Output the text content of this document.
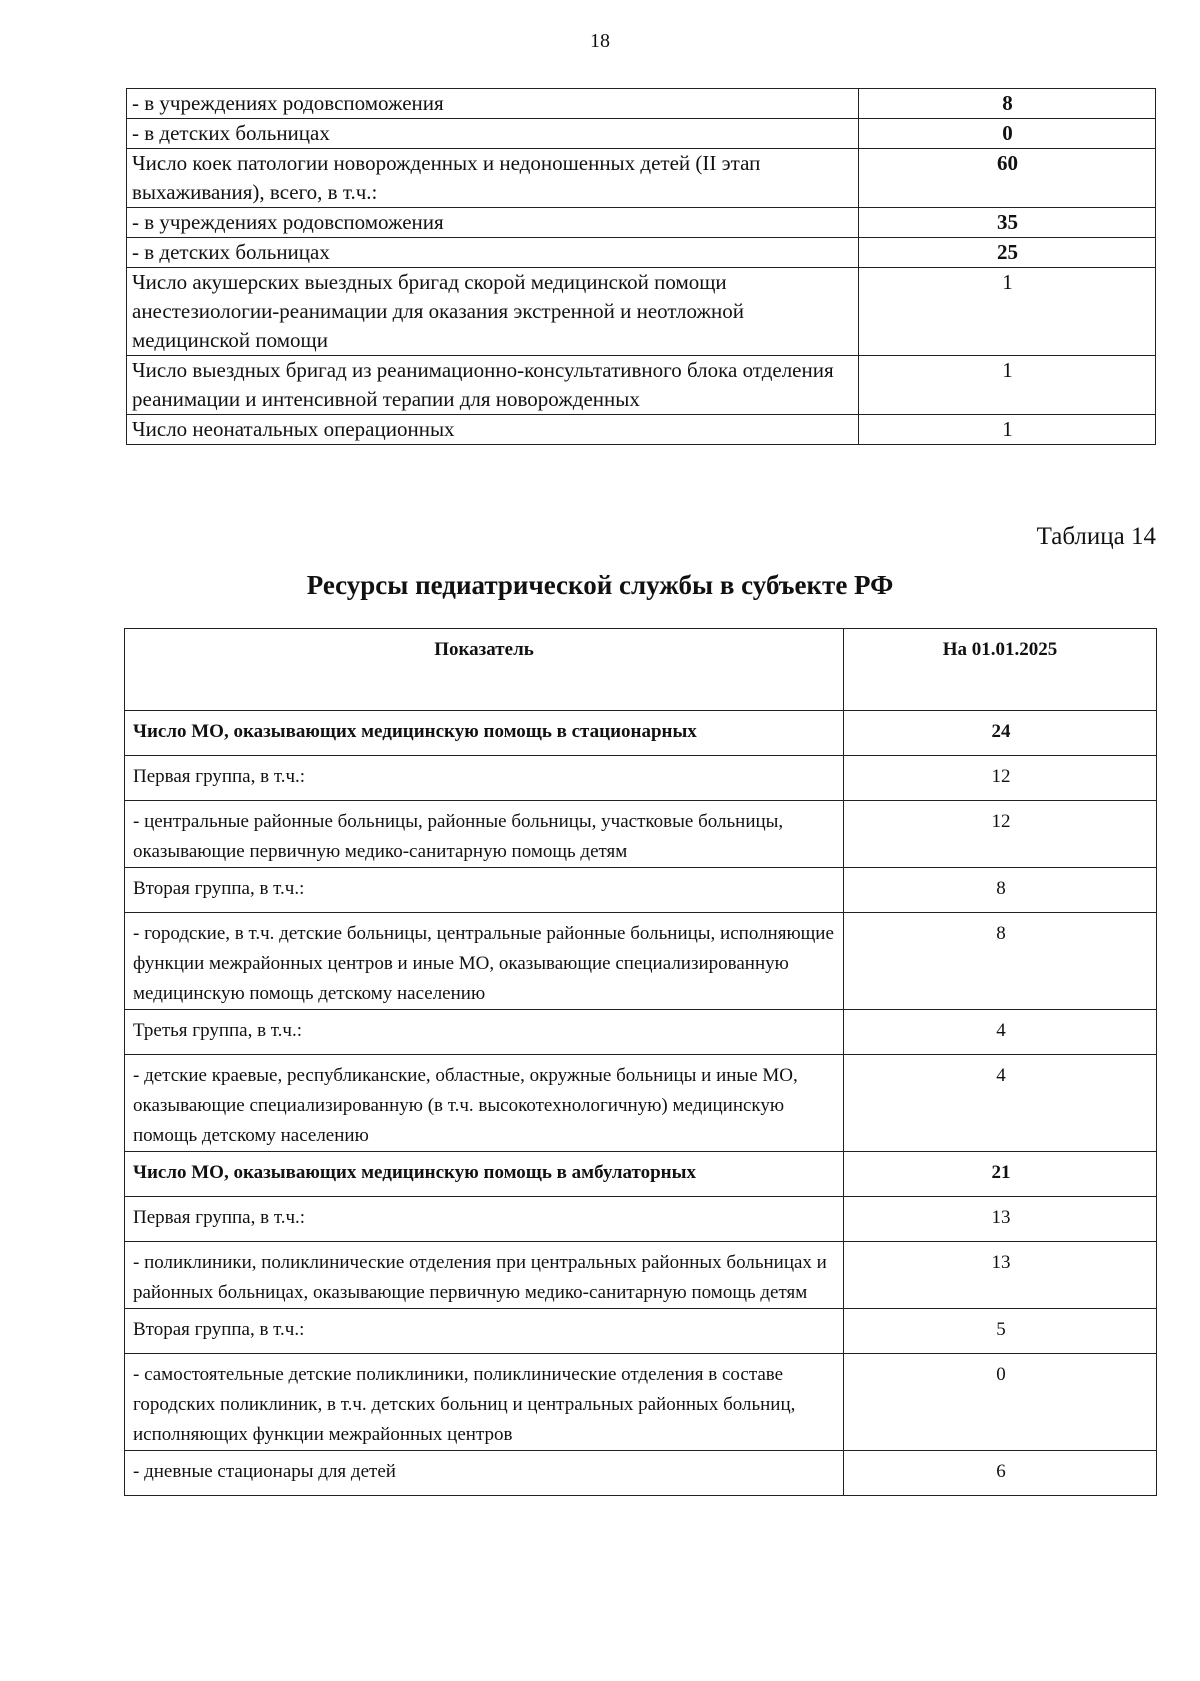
18
- в учреждениях родовспоможения	8
- в детских больницах	0
Число коек патологии новорожденных и недоношенных детей (II этап выхаживания), всего, в т.ч.:	60
- в учреждениях родовспоможения	35
- в детских больницах	25
Число акушерских выездных бригад скорой медицинской помощи анестезиологии-реанимации для оказания экстренной и неотложной медицинской помощи	1
Число выездных бригад из реанимационно-консультативного блока отделения реанимации и интенсивной терапии для новорожденных	1
Число неонатальных операционных	1
Таблица 14
Ресурсы педиатрической службы в субъекте РФ
Показатель	На 01.01.2025
Число МО, оказывающих медицинскую помощь в стационарных	24
Первая группа, в т.ч.:	12
- центральные районные больницы, районные больницы, участковые больницы, оказывающие первичную медико-санитарную помощь детям	12
Вторая группа, в т.ч.:	8
- городские, в т.ч. детские больницы, центральные районные больницы, исполняющие функции межрайонных центров и иные МО, оказывающие специализированную медицинскую помощь детскому населению	8
Третья группа, в т.ч.:	4
- детские краевые, республиканские, областные, окружные больницы и иные МО, оказывающие специализированную (в т.ч. высокотехнологичную) медицинскую помощь детскому населению	4
Число МО, оказывающих медицинскую помощь в амбулаторных	21
Первая группа, в т.ч.:	13
- поликлиники, поликлинические отделения при центральных районных больницах и районных больницах, оказывающие первичную медико-санитарную помощь детям	13
Вторая группа, в т.ч.:	5
- самостоятельные детские поликлиники, поликлинические отделения в составе городских поликлиник, в т.ч. детских больниц и центральных районных больниц, исполняющих функции межрайонных центров	0
- дневные стационары для детей	6
